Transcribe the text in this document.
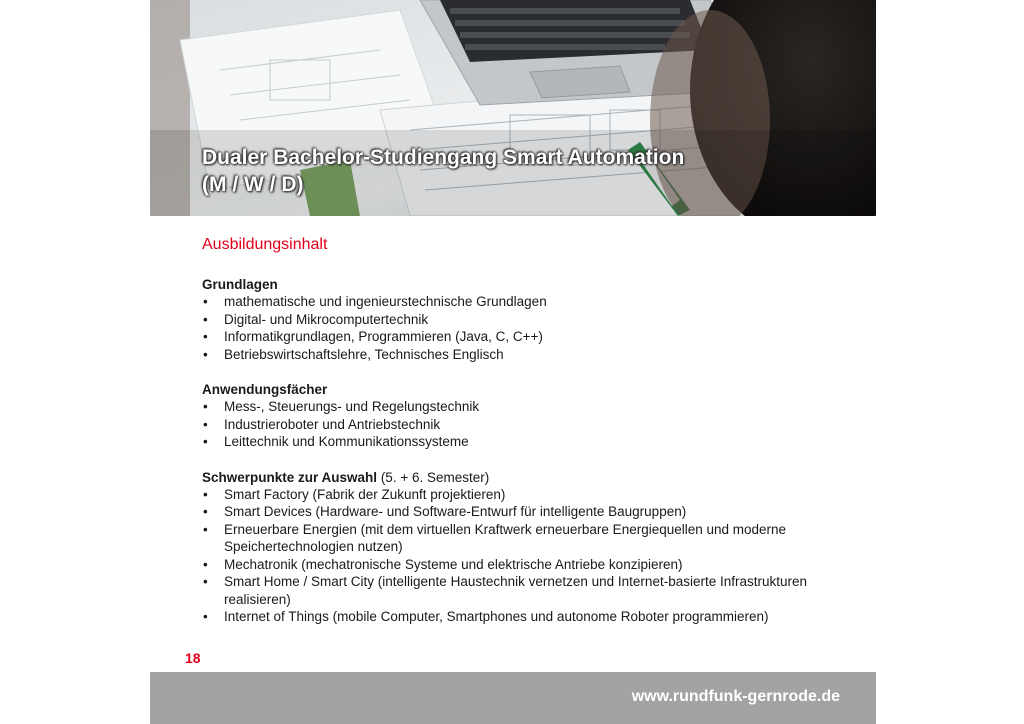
Dualer Bachelor-Studiengang Smart Automation
(M / W / D)
Ausbildungsinhalt

Grundlagen

• mathematische und ingenieurstechnische Grundlagen
• Digital- und Mikrocomputertechnik
• Informatikgrundlagen, Programmieren (Java, C, C++)
• Betriebswirtschaftslehre, Technisches Englisch

Anwendungsfächer

• Mess-, Steuerungs- und Regelungstechnik
• Industrieroboter und Antriebstechnik
• Leittechnik und Kommunikationssysteme

Schwerpunkte zur Auswahl (5. + 6. Semester)

• Smart Factory (Fabrik der Zukunft projektieren)
• Smart Devices (Hardware- und Software-Entwurf für intelligente Baugruppen)
• Erneuerbare Energien (mit dem virtuellen Kraftwerk erneuerbare Energiequellen und moderne Speichertechnologien nutzen)
• Mechatronik (mechatronische Systeme und elektrische Antriebe konzipieren)
• Smart Home / Smart City (intelligente Haustechnik vernetzen und Internet-basierte Infrastrukturen realisieren)
• Internet of Things (mobile Computer, Smartphones und autonome Roboter programmieren)
18
www.rundfunk-gernrode.de
